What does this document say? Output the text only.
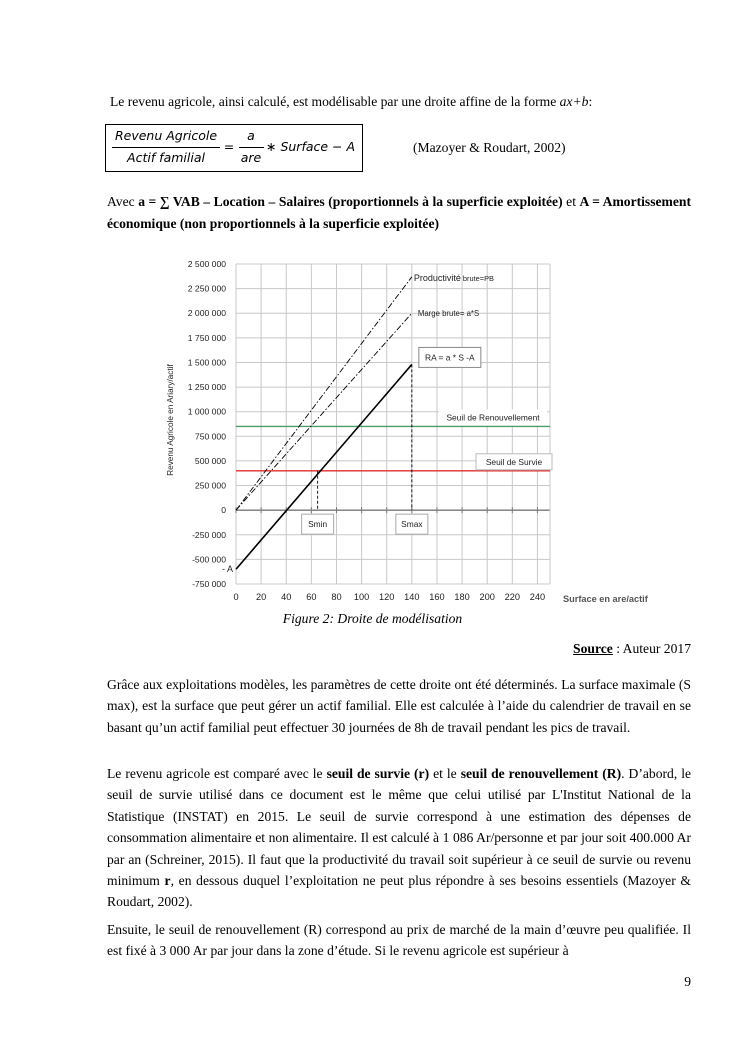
Le revenu agricole, ainsi calculé, est modélisable par une droite affine de la forme ax+b:
Revenu Agricole
Actif familial
=
a
are
∗ Surface − A	(Mazoyer & Roudart, 2002)
Avec a = ∑ VAB – Location – Salaires (proportionnels à la superficie exploitée) et A = Amortissement économique (non proportionnels à la superficie exploitée)
-750 000
-500 000
-250 000
0
250 000
500 000
750 000
1 000 000
1 250 000
1 500 000
1 750 000
2 000 000
2 250 000
2 500 000
0 20 40 60 80 100 120 140 160 180 200 220 240
Seuil de Renouvellement
Seuil de Survie
RA = a * S -A
Marge brute= a*S
Productivité brute=PB
Smin	Smax
Revenu Agricole en Ariary/actif
Surface en are/actif
- A
Figure 2: Droite de modélisation
Source : Auteur 2017
Grâce aux exploitations modèles, les paramètres de cette droite ont été déterminés. La surface maximale (S max), est la surface que peut gérer un actif familial. Elle est calculée à l’aide du calendrier de travail en se basant qu’un actif familial peut effectuer 30 journées de 8h de travail pendant les pics de travail.
Le revenu agricole est comparé avec le seuil de survie (r) et le seuil de renouvellement (R). D’abord, le seuil de survie utilisé dans ce document est le même que celui utilisé par L'Institut National de la Statistique (INSTAT) en 2015. Le seuil de survie correspond à une estimation des dépenses de consommation alimentaire et non alimentaire. Il est calculé à 1 086 Ar/personne et par jour soit 400.000 Ar par an (Schreiner, 2015). Il faut que la productivité du travail soit supérieur à ce seuil de survie ou revenu minimum r, en dessous duquel l’exploitation ne peut plus répondre à ses besoins essentiels (Mazoyer & Roudart, 2002).
Ensuite, le seuil de renouvellement (R) correspond au prix de marché de la main d’œuvre peu qualifiée. Il est fixé à 3 000 Ar par jour dans la zone d’étude. Si le revenu agricole est supérieur à
9
